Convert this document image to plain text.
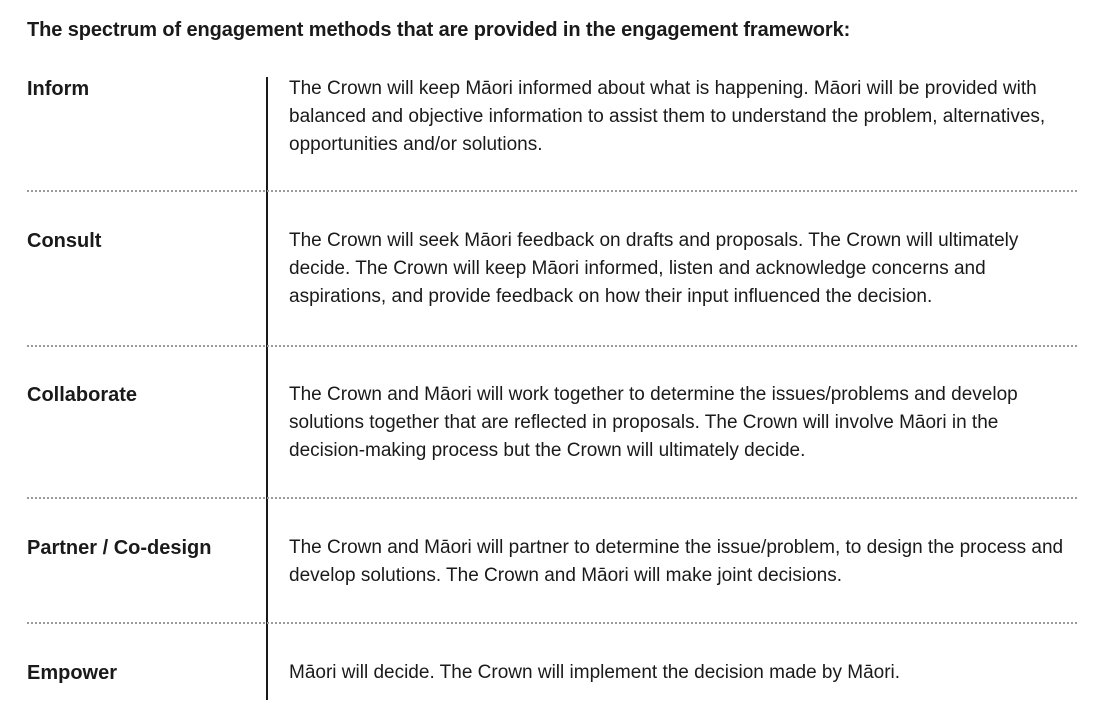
The spectrum of engagement methods that are provided in the engagement framework:
Inform	The Crown will keep Māori informed about what is happening. Māori will be provided with balanced and objective information to assist them to understand the problem, alternatives, opportunities and/or solutions.
Consult	The Crown will seek Māori feedback on drafts and proposals. The Crown will ultimately decide. The Crown will keep Māori informed, listen and acknowledge concerns and aspirations, and provide feedback on how their input influenced the decision.
Collaborate	The Crown and Māori will work together to determine the issues/problems and develop solutions together that are reflected in proposals. The Crown will involve Māori in the decision-making process but the Crown will ultimately decide.
Partner / Co-design	The Crown and Māori will partner to determine the issue/problem, to design the process and develop solutions. The Crown and Māori will make joint decisions.
Empower	Māori will decide. The Crown will implement the decision made by Māori.
